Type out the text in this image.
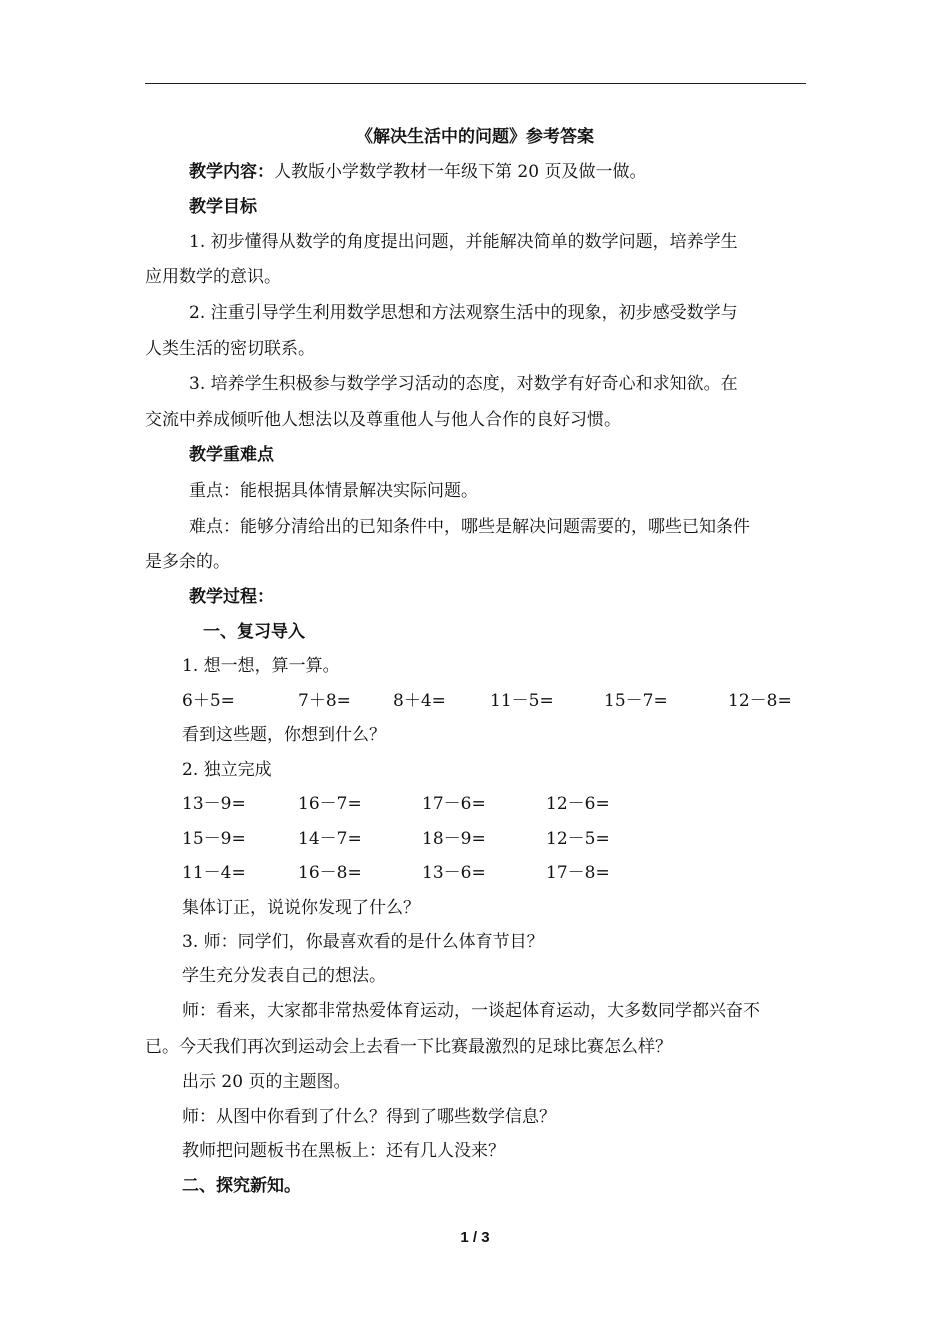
《解决生活中的问题》参考答案
教学内容：人教版小学数学教材一年级下第 20 页及做一做。
教学目标
1. 初步懂得从数学的角度提出问题，并能解决简单的数学问题，培养学生
应用数学的意识。
2. 注重引导学生利用数学思想和方法观察生活中的现象，初步感受数学与
人类生活的密切联系。
3. 培养学生积极参与数学学习活动的态度，对数学有好奇心和求知欲。在
交流中养成倾听他人想法以及尊重他人与他人合作的良好习惯。
教学重难点
重点：能根据具体情景解决实际问题。
难点：能够分清给出的已知条件中，哪些是解决问题需要的，哪些已知条件
是多余的。
教学过程：
一、复习导入
1. 想一想，算一算。
6＋5=	7＋8= 8＋4=	11－5=	15－7=	12－8=
看到这些题，你想到什么？
2. 独立完成
13－9=	16－7=	17－6=	12－6=
15－9=	14－7=	18－9=	12－5=
11－4=	16－8=	13－6=	17－8=
集体订正，说说你发现了什么？
3. 师：同学们，你最喜欢看的是什么体育节目？
学生充分发表自己的想法。
师：看来，大家都非常热爱体育运动，一谈起体育运动，大多数同学都兴奋不
已。今天我们再次到运动会上去看一下比赛最激烈的足球比赛怎么样？
出示 20 页的主题图。
师：从图中你看到了什么？得到了哪些数学信息？
教师把问题板书在黑板上：还有几人没来？
二、探究新知。
1 / 3
